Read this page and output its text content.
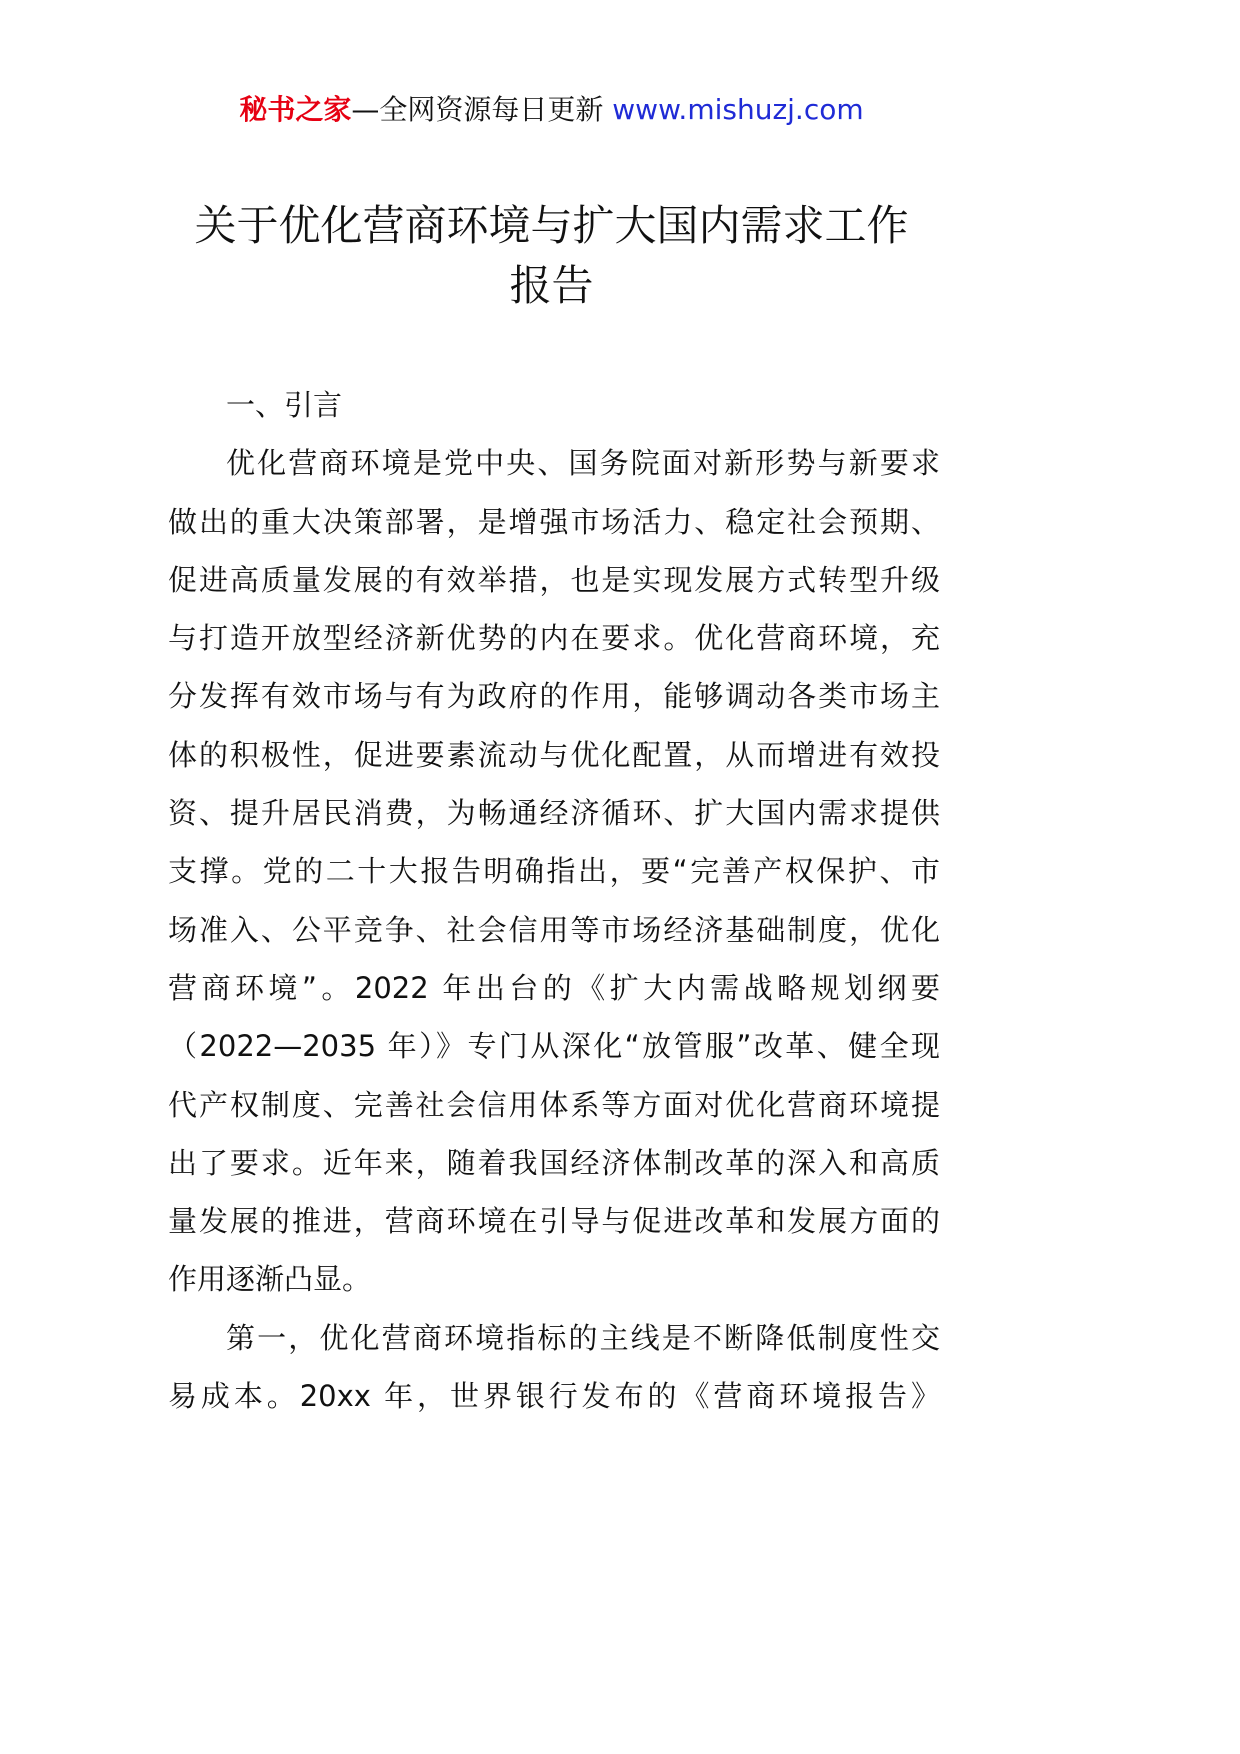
秘书之家—全网资源每日更新 www.mishuzj.com
关于优化营商环境与扩大国内需求工作
报告
一、引言
优化营商环境是党中央、国务院面对新形势与新要求
做出的重大决策部署，是增强市场活力、稳定社会预期、
促进高质量发展的有效举措，也是实现发展方式转型升级
与打造开放型经济新优势的内在要求。优化营商环境，充
分发挥有效市场与有为政府的作用，能够调动各类市场主
体的积极性，促进要素流动与优化配置，从而增进有效投
资、提升居民消费，为畅通经济循环、扩大国内需求提供
支撑。党的二十大报告明确指出，要“完善产权保护、市
场准入、公平竞争、社会信用等市场经济基础制度，优化
营商环境”。2022 年出台的《扩大内需战略规划纲要
（2022—2035 年）》专门从深化“放管服”改革、健全现
代产权制度、完善社会信用体系等方面对优化营商环境提
出了要求。近年来，随着我国经济体制改革的深入和高质
量发展的推进，营商环境在引导与促进改革和发展方面的
作用逐渐凸显。
第一，优化营商环境指标的主线是不断降低制度性交
易成本。20xx 年，世界银行发布的《营商环境报告》
